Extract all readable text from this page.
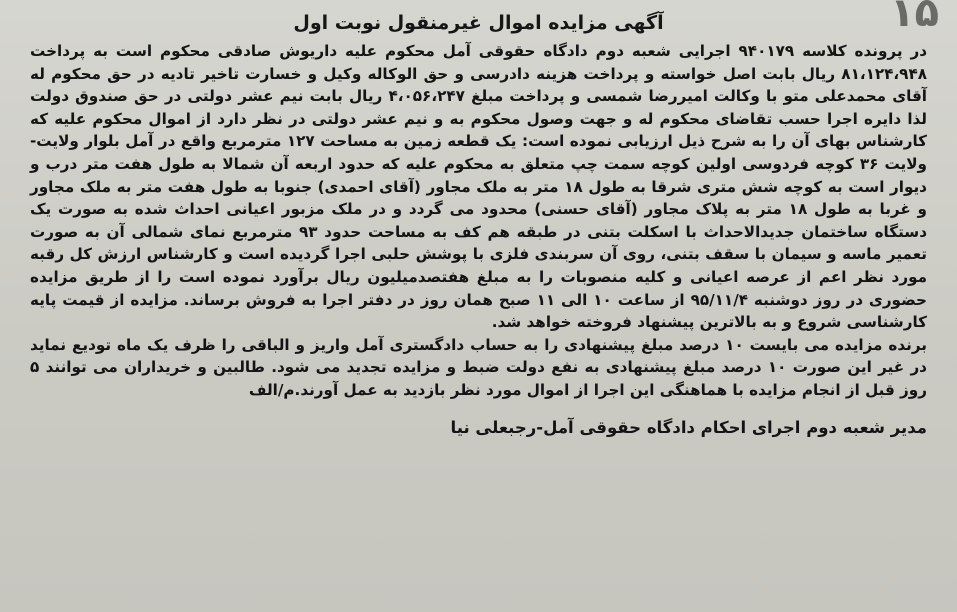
۱۵
آگهی مزایده اموال غیرمنقول نوبت اول

در پرونده کلاسه ۹۴۰۱۷۹ اجرایی شعبه دوم دادگاه حقوقی آمل محکوم علیه داریوش صادقی محکوم است به پرداخت ۸۱،۱۲۴،۹۴۸ ریال بابت اصل خواسته و پرداخت هزینه دادرسی و حق الوکاله وکیل و خسارت تاخیر تادیه در حق محکوم له آقای محمدعلی متو با وکالت امیررضا شمسی و پرداخت مبلغ ۴،۰۵۶،۲۴۷ ریال بابت نیم عشر دولتی در حق صندوق دولت لذا دایره اجرا حسب تقاضای محکوم له و جهت وصول محکوم به و نیم عشر دولتی در نظر دارد از اموال محکوم علیه که کارشناس بهای آن را به شرح ذیل ارزیابی نموده است: یک قطعه زمین به مساحت ۱۲۷ مترمربع واقع در آمل بلوار ولایت- ولایت ۳۶ کوچه فردوسی اولین کوچه سمت چپ متعلق به محکوم علیه که حدود اربعه آن شمالا به طول هفت متر درب و دیوار است به کوچه شش متری شرقا به طول ۱۸ متر به ملک مجاور (آقای احمدی) جنوبا به طول هفت متر به ملک مجاور و غربا به طول ۱۸ متر به پلاک مجاور (آقای حسنی) محدود می گردد و در ملک مزبور اعیانی احداث شده به صورت یک دستگاه ساختمان جدیدالاحداث با اسکلت بتنی در طبقه هم کف به مساحت حدود ۹۳ مترمربع نمای شمالی آن به صورت تعمیر ماسه و سیمان با سقف بتنی، روی آن سربندی فلزی با پوشش حلبی اجرا گردیده است و کارشناس ارزش کل رقبه مورد نظر اعم از عرصه اعیانی و کلیه منصوبات را به مبلغ هفتصدمیلیون ریال برآورد نموده است را از طریق مزایده حضوری در روز دوشنبه ۹۵/۱۱/۴ از ساعت ۱۰ الی ۱۱ صبح همان روز در دفتر اجرا به فروش برساند. مزایده از قیمت پایه کارشناسی شروع و به بالاترین پیشنهاد فروخته خواهد شد.

برنده مزایده می بایست ۱۰ درصد مبلغ پیشنهادی را به حساب دادگستری آمل واریز و الباقی را ظرف یک ماه تودیع نماید در غیر این صورت ۱۰ درصد مبلغ پیشنهادی به نفع دولت ضبط و مزایده تجدید می شود. طالبین و خریداران می توانند ۵ روز قبل از انجام مزایده با هماهنگی این اجرا از اموال مورد نظر بازدید به عمل آورند.م/الف

مدیر شعبه دوم اجرای احکام دادگاه حقوقی آمل-رجبعلی نیا
